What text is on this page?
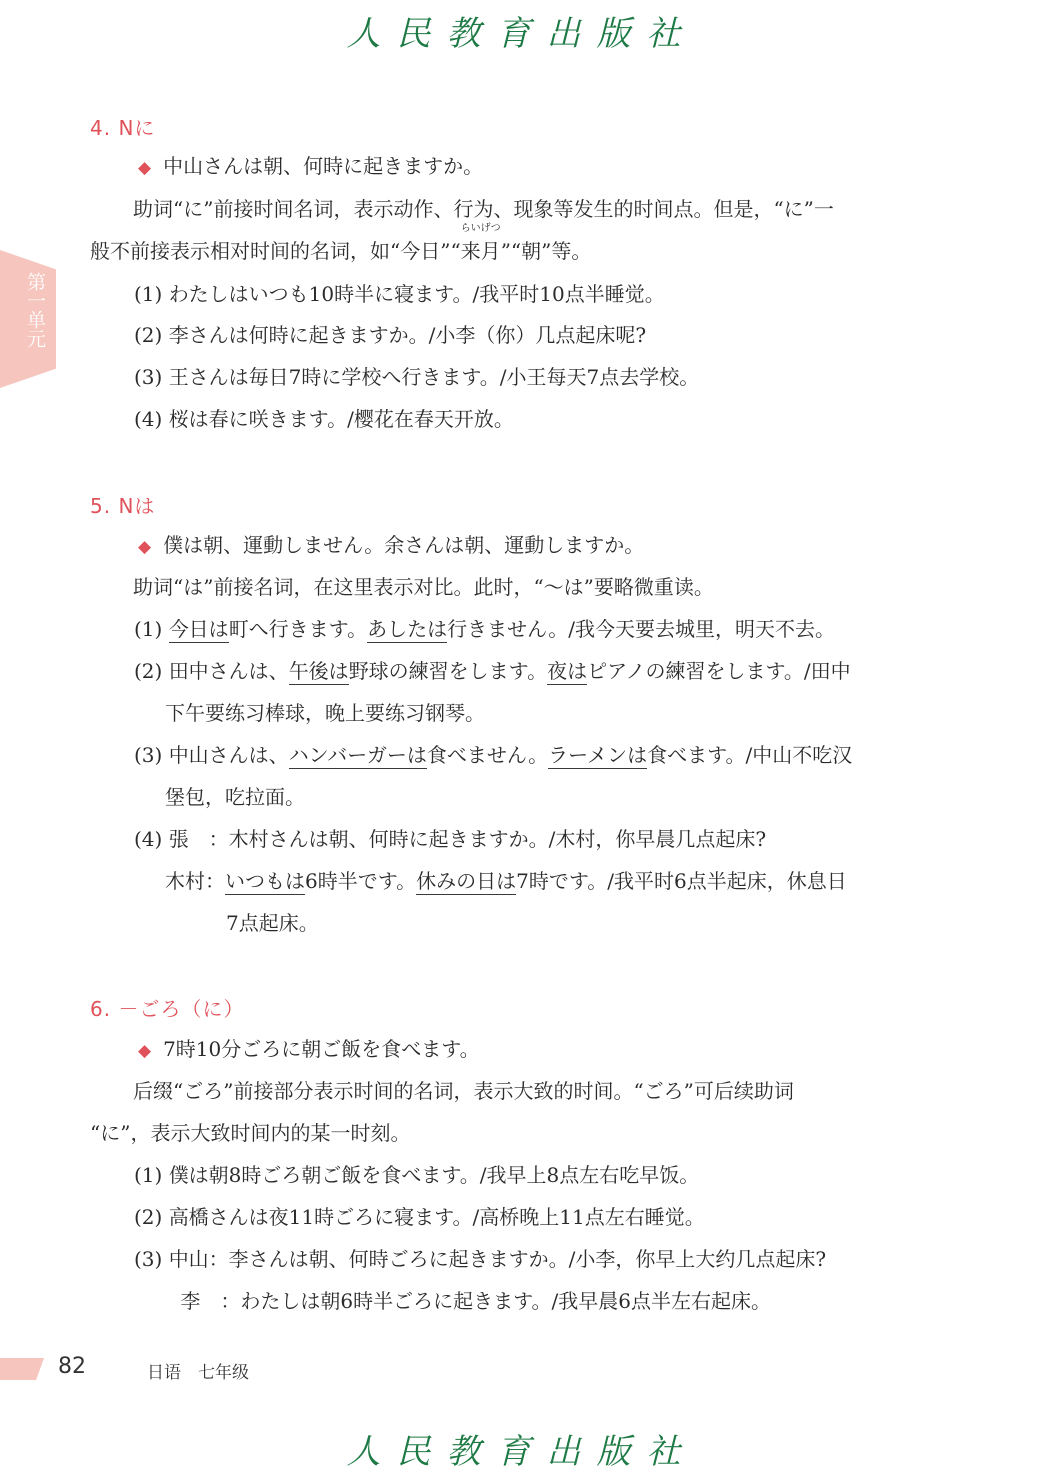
人民教育出版社
第一单元
4. Nに
◆ 中山さんは朝、何時に起きますか。
助词“に”前接时间名词，表示动作、行为、现象等发生的时间点。但是，“に”一
般不前接表示相对时间的名词，如“今日”“
らいげつ
来月”“朝”等。
(1) わたしはいつも10時半に寝ます。/我平时10点半睡觉。
(2) 李さんは何時に起きますか。/小李（你）几点起床呢?
(3) 王さんは毎日7時に学校へ行きます。/小王每天7点去学校。
(4) 桜は春に咲きます。/樱花在春天开放。
5. Nは
◆ 僕は朝、運動しません。余さんは朝、運動しますか。
助词“は”前接名词，在这里表示对比。此时，“～は”要略微重读。
(1) 今日は町へ行きます。あしたは行きません。/我今天要去城里，明天不去。
(2) 田中さんは、午後は野球の練習をします。夜はピアノの練習をします。/田中
下午要练习棒球，晚上要练习钢琴。
(3) 中山さんは、ハンバーガーは食べません。ラーメンは食べます。/中山不吃汉
堡包，吃拉面。
(4) 張　：木村さんは朝、何時に起きますか。/木村，你早晨几点起床?
木村：いつもは6時半です。休みの日は7時です。/我平时6点半起床，休息日
7点起床。
6. －ごろ（に）
◆ 7時10分ごろに朝ご飯を食べます。
后缀“ごろ”前接部分表示时间的名词，表示大致的时间。“ごろ”可后续助词
“に”，表示大致时间内的某一时刻。
(1) 僕は朝8時ごろ朝ご飯を食べます。/我早上8点左右吃早饭。
(2) 高橋さんは夜11時ごろに寝ます。/高桥晚上11点左右睡觉。
(3) 中山：李さんは朝、何時ごろに起きますか。/小李，你早上大约几点起床?
　　 李　：わたしは朝6時半ごろに起きます。/我早晨6点半左右起床。
82	日语　七年级
人民教育出版社
